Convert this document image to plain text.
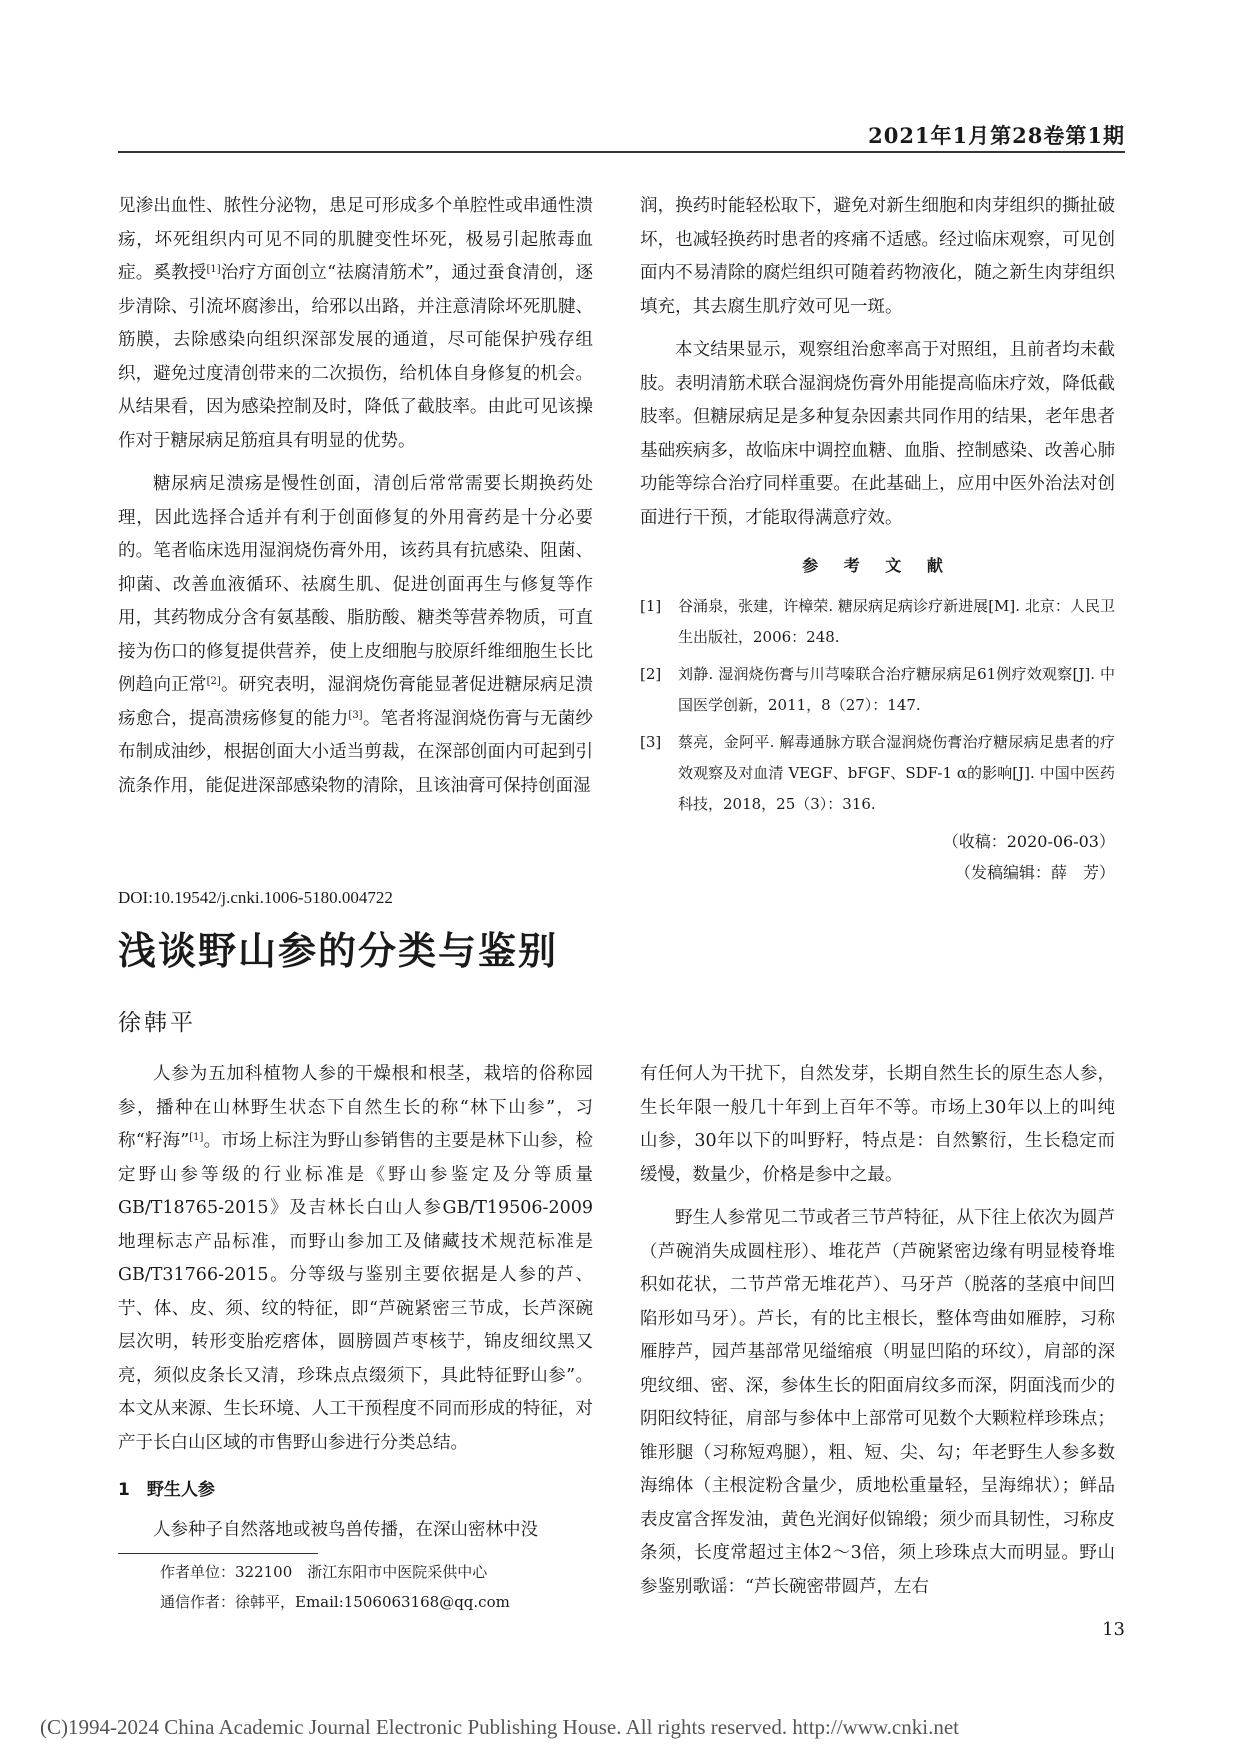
2021年1月第28卷第1期

见渗出血性、脓性分泌物，患足可形成多个单腔性或串通性溃疡，坏死组织内可见不同的肌腱变性坏死，极易引起脓毒血症。奚教授[1]治疗方面创立“祛腐清筋术”，通过蚕食清创，逐步清除、引流坏腐渗出，给邪以出路，并注意清除坏死肌腱、筋膜，去除感染向组织深部发展的通道，尽可能保护残存组织，避免过度清创带来的二次损伤，给机体自身修复的机会。从结果看，因为感染控制及时，降低了截肢率。由此可见该操作对于糖尿病足筋疽具有明显的优势。

糖尿病足溃疡是慢性创面，清创后常常需要长期换药处理，因此选择合适并有利于创面修复的外用膏药是十分必要的。笔者临床选用湿润烧伤膏外用，该药具有抗感染、阻菌、抑菌、改善血液循环、祛腐生肌、促进创面再生与修复等作用，其药物成分含有氨基酸、脂肪酸、糖类等营养物质，可直接为伤口的修复提供营养，使上皮细胞与胶原纤维细胞生长比例趋向正常[2]。研究表明，湿润烧伤膏能显著促进糖尿病足溃疡愈合，提高溃疡修复的能力[3]。笔者将湿润烧伤膏与无菌纱布制成油纱，根据创面大小适当剪裁，在深部创面内可起到引流条作用，能促进深部感染物的清除，且该油膏可保持创面湿

润，换药时能轻松取下，避免对新生细胞和肉芽组织的撕扯破坏，也减轻换药时患者的疼痛不适感。经过临床观察，可见创面内不易清除的腐烂组织可随着药物液化，随之新生肉芽组织填充，其去腐生肌疗效可见一斑。

本文结果显示，观察组治愈率高于对照组，且前者均未截肢。表明清筋术联合湿润烧伤膏外用能提高临床疗效，降低截肢率。但糖尿病足是多种复杂因素共同作用的结果，老年患者基础疾病多，故临床中调控血糖、血脂、控制感染、改善心肺功能等综合治疗同样重要。在此基础上，应用中医外治法对创面进行干预，才能取得满意疗效。

参 考 文 献
[1]	谷涌泉，张建，许樟荣. 糖尿病足病诊疗新进展[M]. 北京：人民卫生出版社，2006：248.
[2]	刘静. 湿润烧伤膏与川芎嗪联合治疗糖尿病足61例疗效观察[J]. 中国医学创新，2011，8（27）：147.
[3]	蔡亮，金阿平. 解毒通脉方联合湿润烧伤膏治疗糖尿病足患者的疗效观察及对血清 VEGF、bFGF、SDF-1 α的影响[J]. 中国中医药科技，2018，25（3）：316.
（收稿：2020-06-03）
（发稿编辑：薛　芳）
DOI:10.19542/j.cnki.1006-5180.004722
浅谈野山参的分类与鉴别
徐韩平

人参为五加科植物人参的干燥根和根茎，栽培的俗称园参，播种在山林野生状态下自然生长的称“林下山参”，习称“籽海”[1]。市场上标注为野山参销售的主要是林下山参，检定野山参等级的行业标准是《野山参鉴定及分等质量GB/T18765-2015》及吉林长白山人参GB/T19506-2009地理标志产品标准，而野山参加工及储藏技术规范标准是GB/T31766-2015。分等级与鉴别主要依据是人参的芦、艼、体、皮、须、纹的特征，即“芦碗紧密三节成，长芦深碗层次明，转形变胎疙瘩体，圆膀圆芦枣核艼，锦皮细纹黑又亮，须似皮条长又清，珍珠点点缀须下，具此特征野山参”。本文从来源、生长环境、人工干预程度不同而形成的特征，对产于长白山区域的市售野山参进行分类总结。

1　野生人参

人参种子自然落地或被鸟兽传播，在深山密林中没

有任何人为干扰下，自然发芽，长期自然生长的原生态人参，生长年限一般几十年到上百年不等。市场上30年以上的叫纯山参，30年以下的叫野籽，特点是：自然繁衍，生长稳定而缓慢，数量少，价格是参中之最。

野生人参常见二节或者三节芦特征，从下往上依次为圆芦（芦碗消失成圆柱形）、堆花芦（芦碗紧密边缘有明显棱脊堆积如花状，二节芦常无堆花芦）、马牙芦（脱落的茎痕中间凹陷形如马牙）。芦长，有的比主根长，整体弯曲如雁脖，习称雁脖芦，园芦基部常见缢缩痕（明显凹陷的环纹），肩部的深兜纹细、密、深，参体生长的阳面肩纹多而深，阴面浅而少的阴阳纹特征，肩部与参体中上部常可见数个大颗粒样珍珠点；锥形腿（习称短鸡腿），粗、短、尖、勾；年老野生人参多数海绵体（主根淀粉含量少，质地松重量轻，呈海绵状）；鲜品表皮富含挥发油，黄色光润好似锦缎；须少而具韧性，习称皮条须，长度常超过主体2～3倍，须上珍珠点大而明显。野山参鉴别歌谣：“芦长碗密带圆芦，左右

作者单位：322100　浙江东阳市中医院采供中心
通信作者：徐韩平，Email:1506063168@qq.com
13
(C)1994-2024 China Academic Journal Electronic Publishing House. All rights reserved. http://www.cnki.net
